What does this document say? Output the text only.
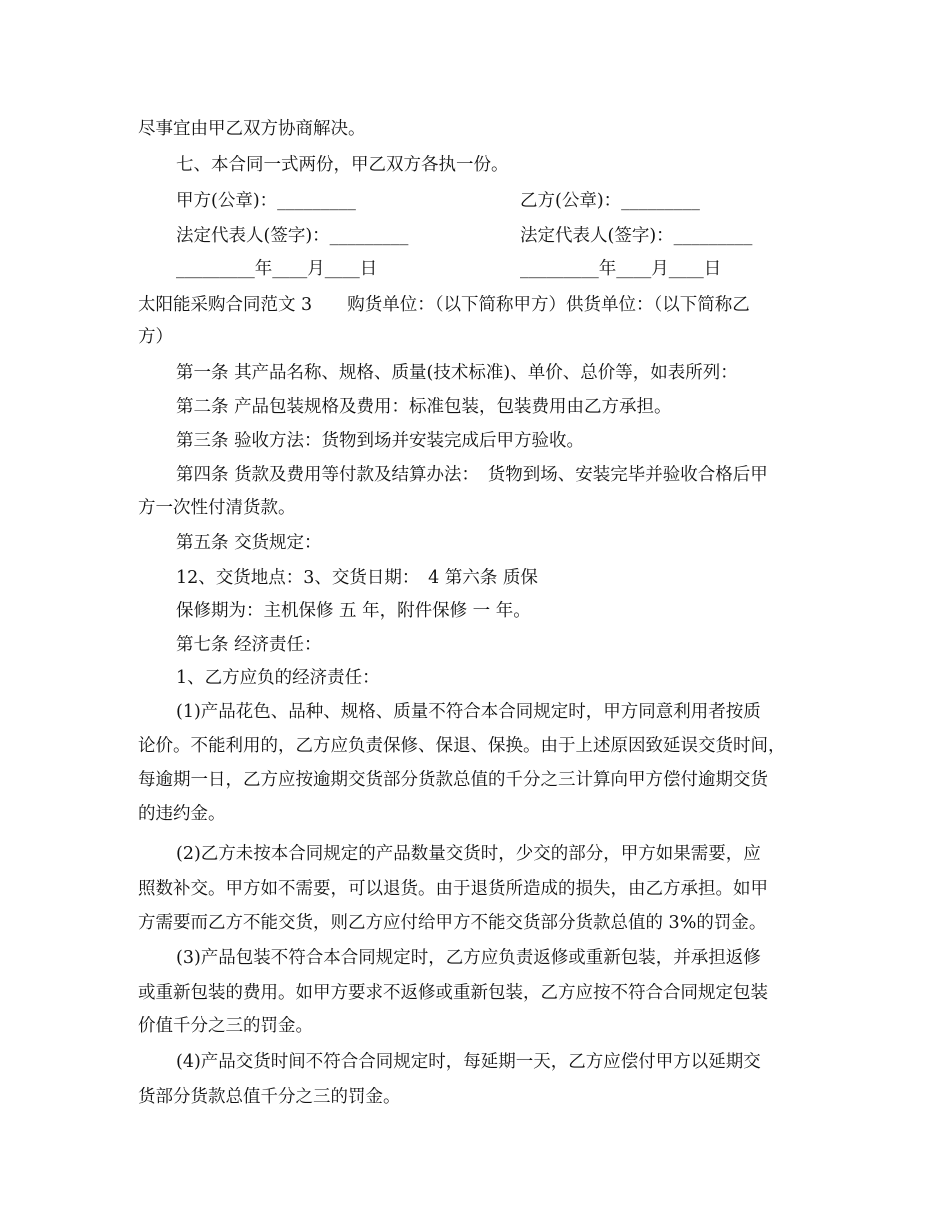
尽事宜由甲乙双方协商解决。
七、本合同一式两份，甲乙双方各执一份。
甲方(公章)：_________	乙方(公章)：_________
法定代表人(签字)：_________	法定代表人(签字)：_________
_________年____月____日	_________年____月____日
太阳能采购合同范文 3　　购货单位：（以下简称甲方）供货单位：（以下简称乙
方）
第一条 其产品名称、规格、质量(技术标准)、单价、总价等，如表所列：
第二条 产品包装规格及费用：标准包装，包装费用由乙方承担。
第三条 验收方法：货物到场并安装完成后甲方验收。
第四条 货款及费用等付款及结算办法：　货物到场、安装完毕并验收合格后甲
方一次性付清货款。
第五条 交货规定：
12、交货地点：3、交货日期：　4 第六条 质保
保修期为：主机保修 五 年，附件保修 一 年。
第七条 经济责任：
1、乙方应负的经济责任：
(1)产品花色、品种、规格、质量不符合本合同规定时，甲方同意利用者按质
论价。不能利用的，乙方应负责保修、保退、保换。由于上述原因致延误交货时间，
每逾期一日，乙方应按逾期交货部分货款总值的千分之三计算向甲方偿付逾期交货
的违约金。
(2)乙方未按本合同规定的产品数量交货时，少交的部分，甲方如果需要，应
照数补交。甲方如不需要，可以退货。由于退货所造成的损失，由乙方承担。如甲
方需要而乙方不能交货，则乙方应付给甲方不能交货部分货款总值的 3%的罚金。
(3)产品包装不符合本合同规定时，乙方应负责返修或重新包装，并承担返修
或重新包装的费用。如甲方要求不返修或重新包装，乙方应按不符合合同规定包装
价值千分之三的罚金。
(4)产品交货时间不符合合同规定时，每延期一天，乙方应偿付甲方以延期交
货部分货款总值千分之三的罚金。
